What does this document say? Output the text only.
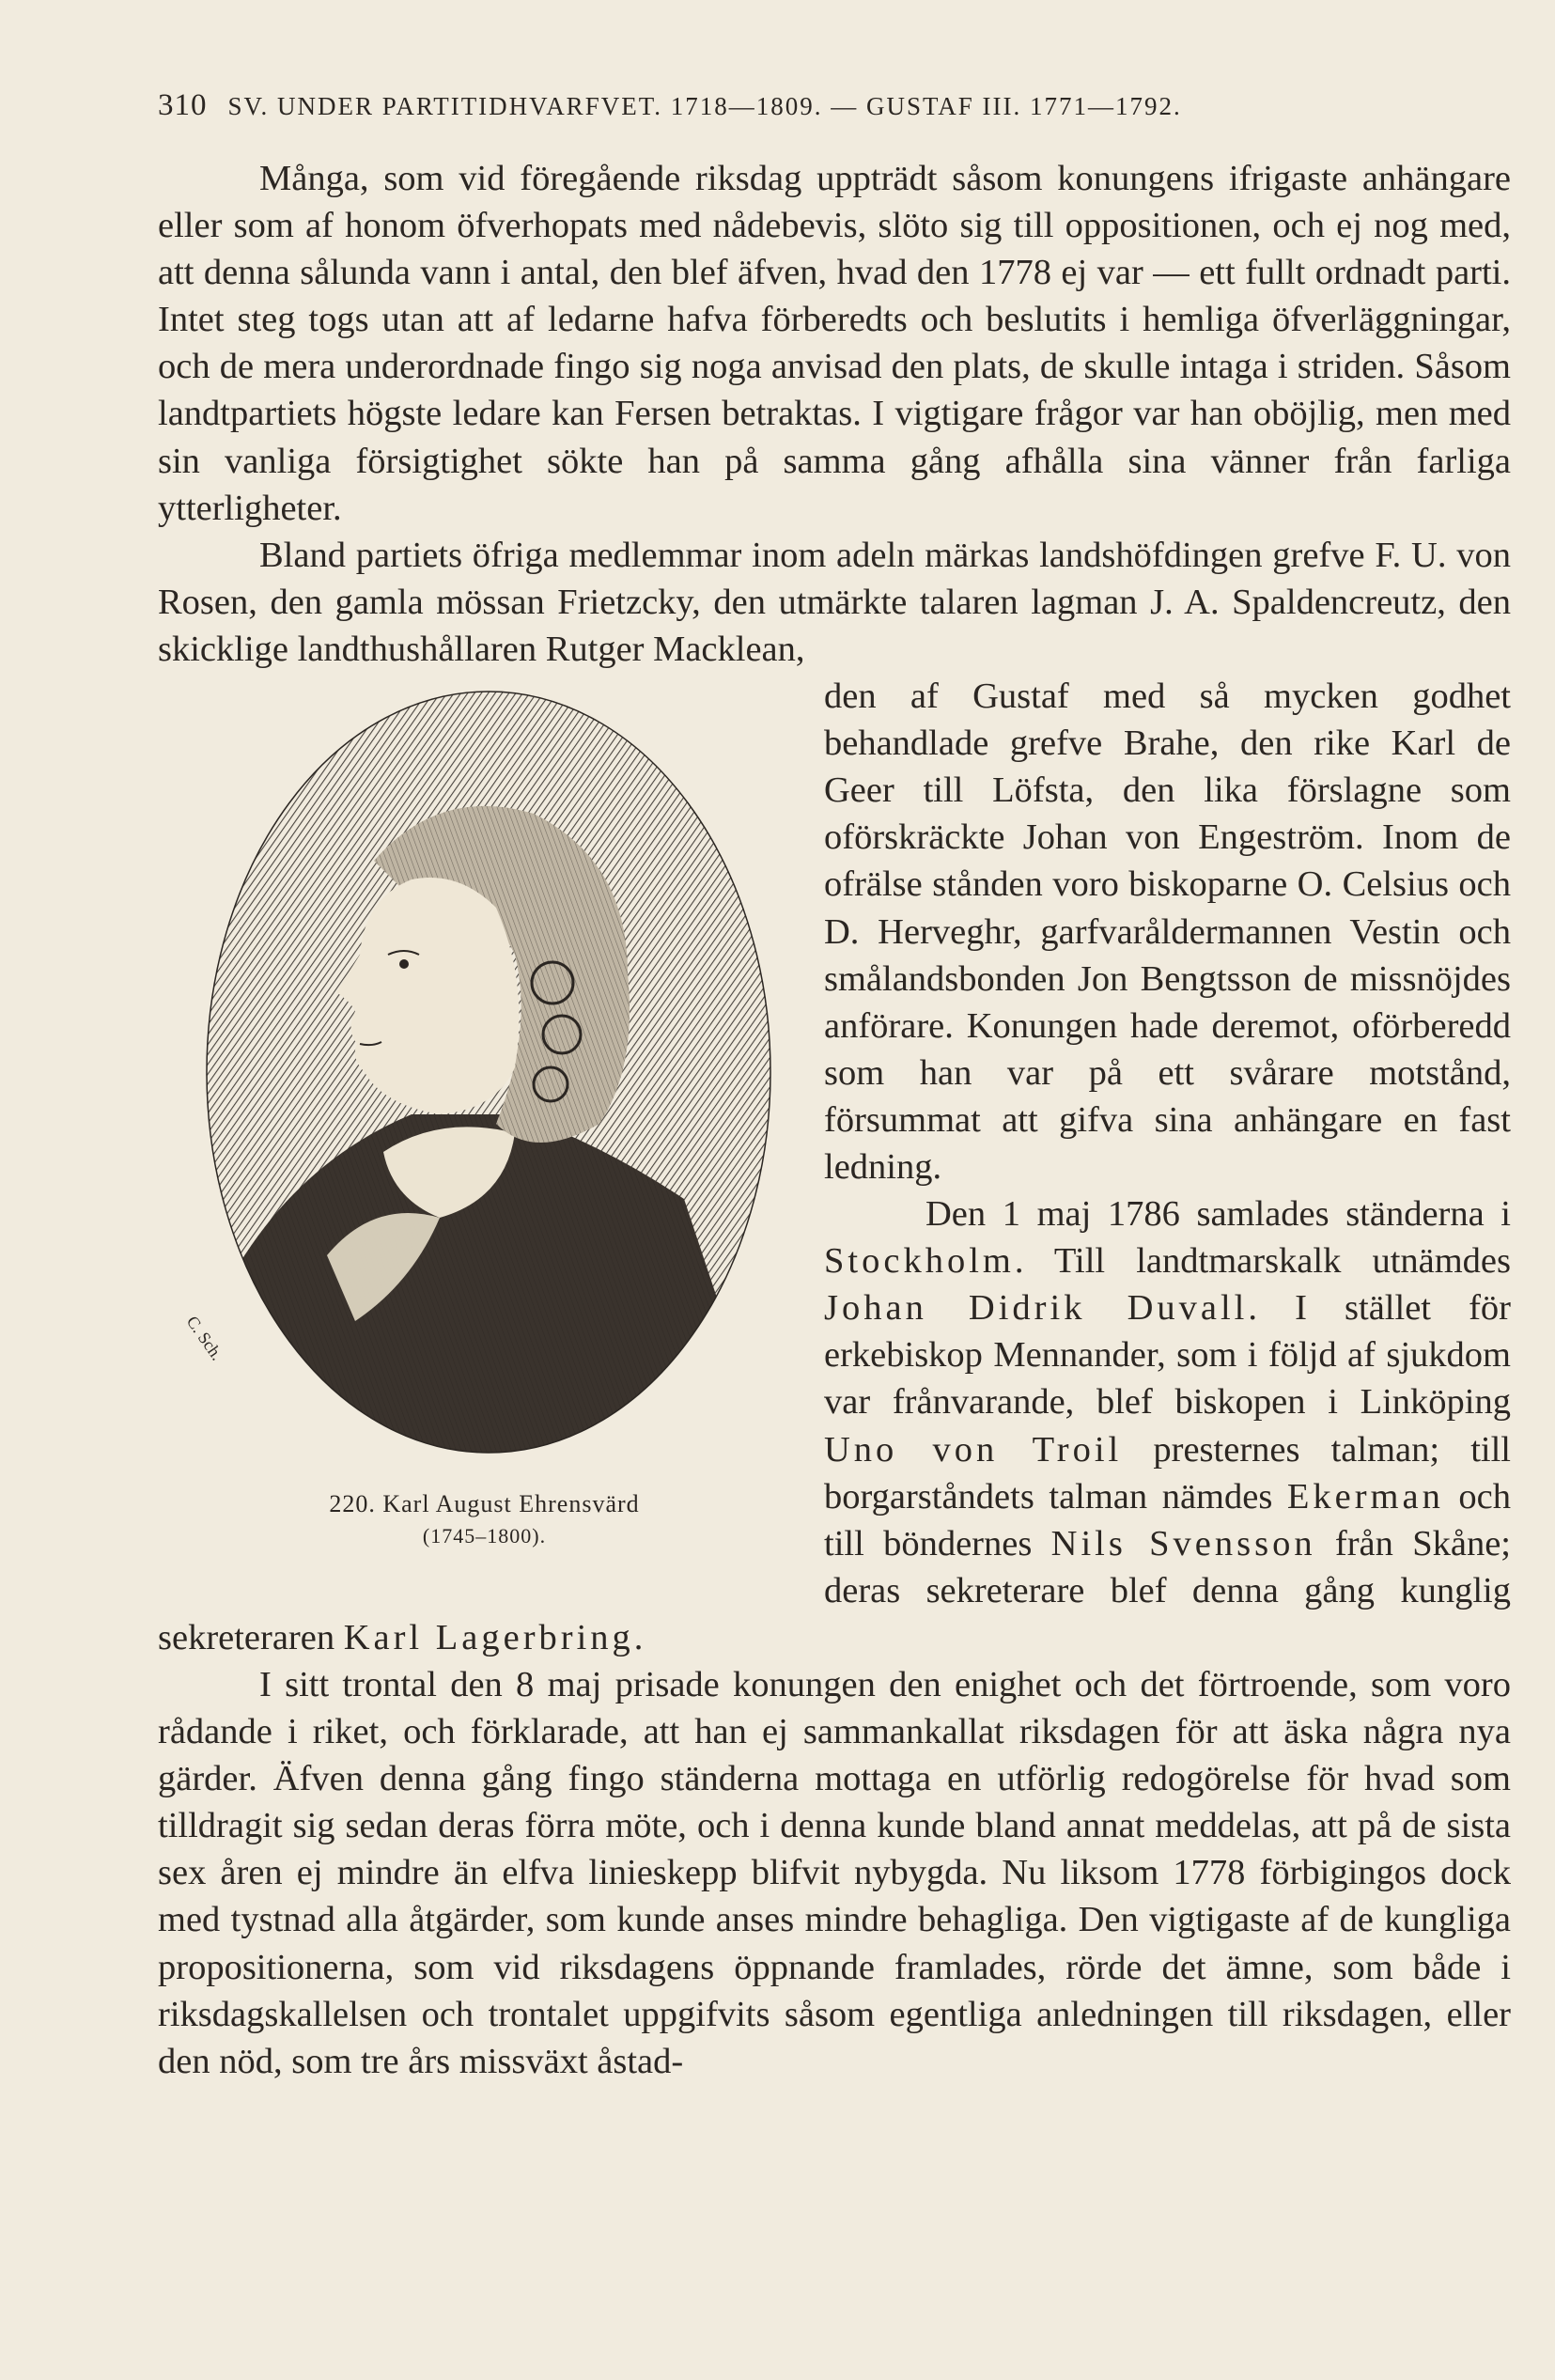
310 SV. UNDER PARTITIDHVARFVET. 1718—1809. — GUSTAF III. 1771—1792.

Många, som vid föregående riksdag uppträdt såsom konungens ifrigaste anhängare eller som af honom öfverhopats med nådebevis, slöto sig till oppositionen, och ej nog med, att denna sålunda vann i antal, den blef äfven, hvad den 1778 ej var — ett fullt ordnadt parti. Intet steg togs utan att af ledarne hafva förberedts och beslutits i hemliga öfverläggningar, och de mera underordnade fingo sig noga anvisad den plats, de skulle intaga i striden. Såsom landtpartiets högste ledare kan Fersen betraktas. I vigtigare frågor var han oböjlig, men med sin vanliga försigtighet sökte han på samma gång afhålla sina vänner från farliga ytterligheter.

Bland partiets öfriga medlemmar inom adeln märkas landshöfdingen grefve F. U. von Rosen, den gamla mössan Frietzcky, den utmärkte talaren lagman J. A. Spaldencreutz, den skicklige landthushållaren Rutger Macklean,

C. Sch.
220. Karl August Ehrensvärd
(1745–1800).

den af Gustaf med så mycken godhet behandlade grefve Brahe, den rike Karl de Geer till Löfsta, den lika förslagne som oförskräckte Johan von Engeström. Inom de ofrälse stånden voro biskoparne O. Celsius och D. Herveghr, garfvaråldermannen Vestin och smålandsbonden Jon Bengtsson de missnöjdes anförare. Konungen hade deremot, oförberedd som han var på ett svårare motstånd, försummat att gifva sina anhängare en fast ledning.

Den 1 maj 1786 samlades ständerna i Stockholm. Till landtmarskalk utnämdes Johan Didrik Duvall. I stället för erkebiskop Mennander, som i följd af sjukdom var frånvarande, blef biskopen i Linköping Uno von Troil presternes talman; till borgarståndets talman nämdes Ekerman och till böndernes Nils Svensson från Skåne; deras sekreterare blef denna gång kunglig sekreteraren Karl Lagerbring.

I sitt trontal den 8 maj prisade konungen den enighet och det förtroende, som voro rådande i riket, och förklarade, att han ej sammankallat riksdagen för att äska några nya gärder. Äfven denna gång fingo ständerna mottaga en utförlig redogörelse för hvad som tilldragit sig sedan deras förra möte, och i denna kunde bland annat meddelas, att på de sista sex åren ej mindre än elfva linieskepp blifvit nybygda. Nu liksom 1778 förbigingos dock med tystnad alla åtgärder, som kunde anses mindre behagliga. Den vigtigaste af de kungliga propositionerna, som vid riksdagens öppnande framlades, rörde det ämne, som både i riksdagskallelsen och trontalet uppgifvits såsom egentliga anledningen till riksdagen, eller den nöd, som tre års missväxt åstad-
